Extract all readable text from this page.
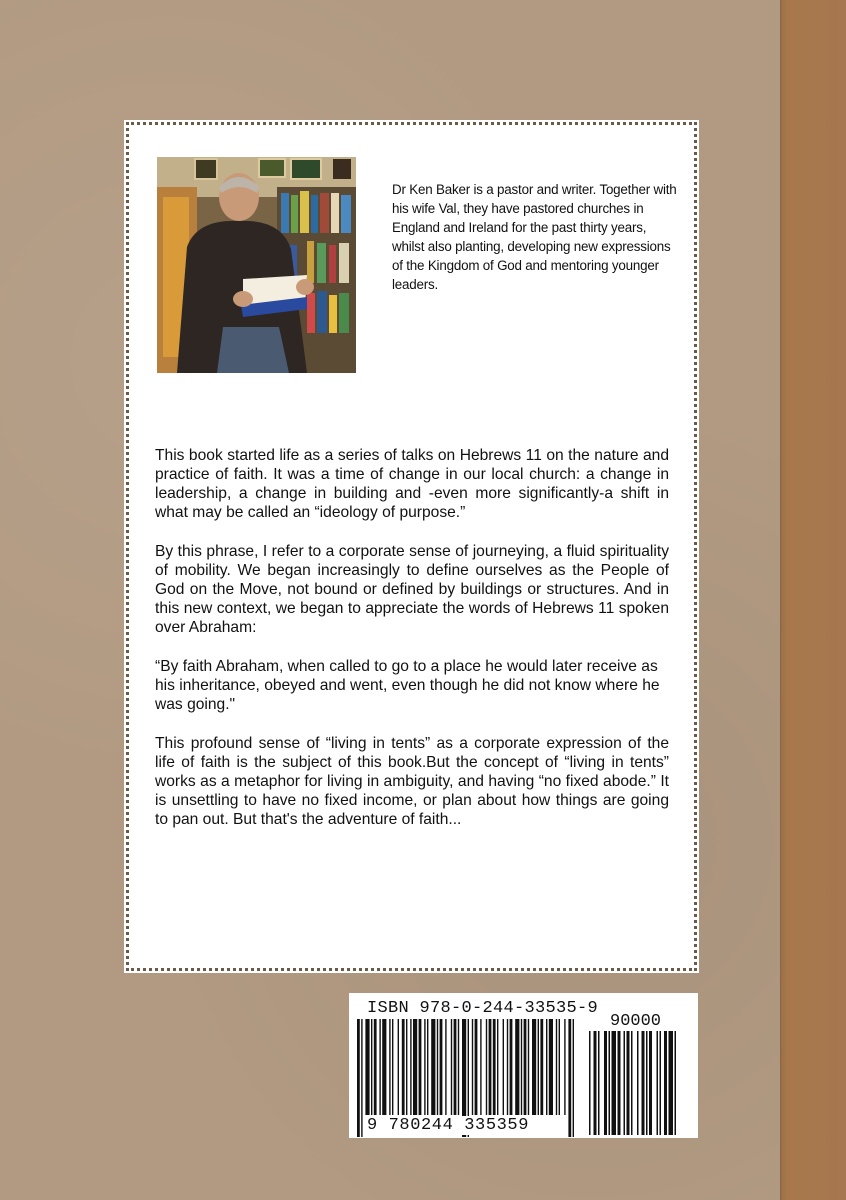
Dr Ken Baker is a pastor and writer. Together with his wife Val, they have pastored churches in England and Ireland for the past thirty years, whilst also planting, developing new expressions of the Kingdom of God and mentoring younger leaders.

This book started life as a series of talks on Hebrews 11 on the nature and practice of faith. It was a time of change in our local church: a change in leadership, a change in building and -even more significantly-a shift in what may be called an “ideology of purpose.”

By this phrase, I refer to a corporate sense of journeying, a fluid spirituality of mobility. We began increasingly to define ourselves as the People of God on the Move, not bound or defined by buildings or structures. And in this new context, we began to appreciate the words of Hebrews 11 spoken over Abraham:

“By faith Abraham, when called to go to a place he would later receive as his inheritance, obeyed and went, even though he did not know where he was going."

This profound sense of “living in tents” as a corporate expression of the life of faith is the subject of this book.But the concept of “living in tents” works as a metaphor for living in ambiguity, and having “no fixed abode.” It is unsettling to have no fixed income, or plan about how things are going to pan out. But that's the adventure of faith...

ISBN 978-0-244-33535-9
90000
9 780244 335359
